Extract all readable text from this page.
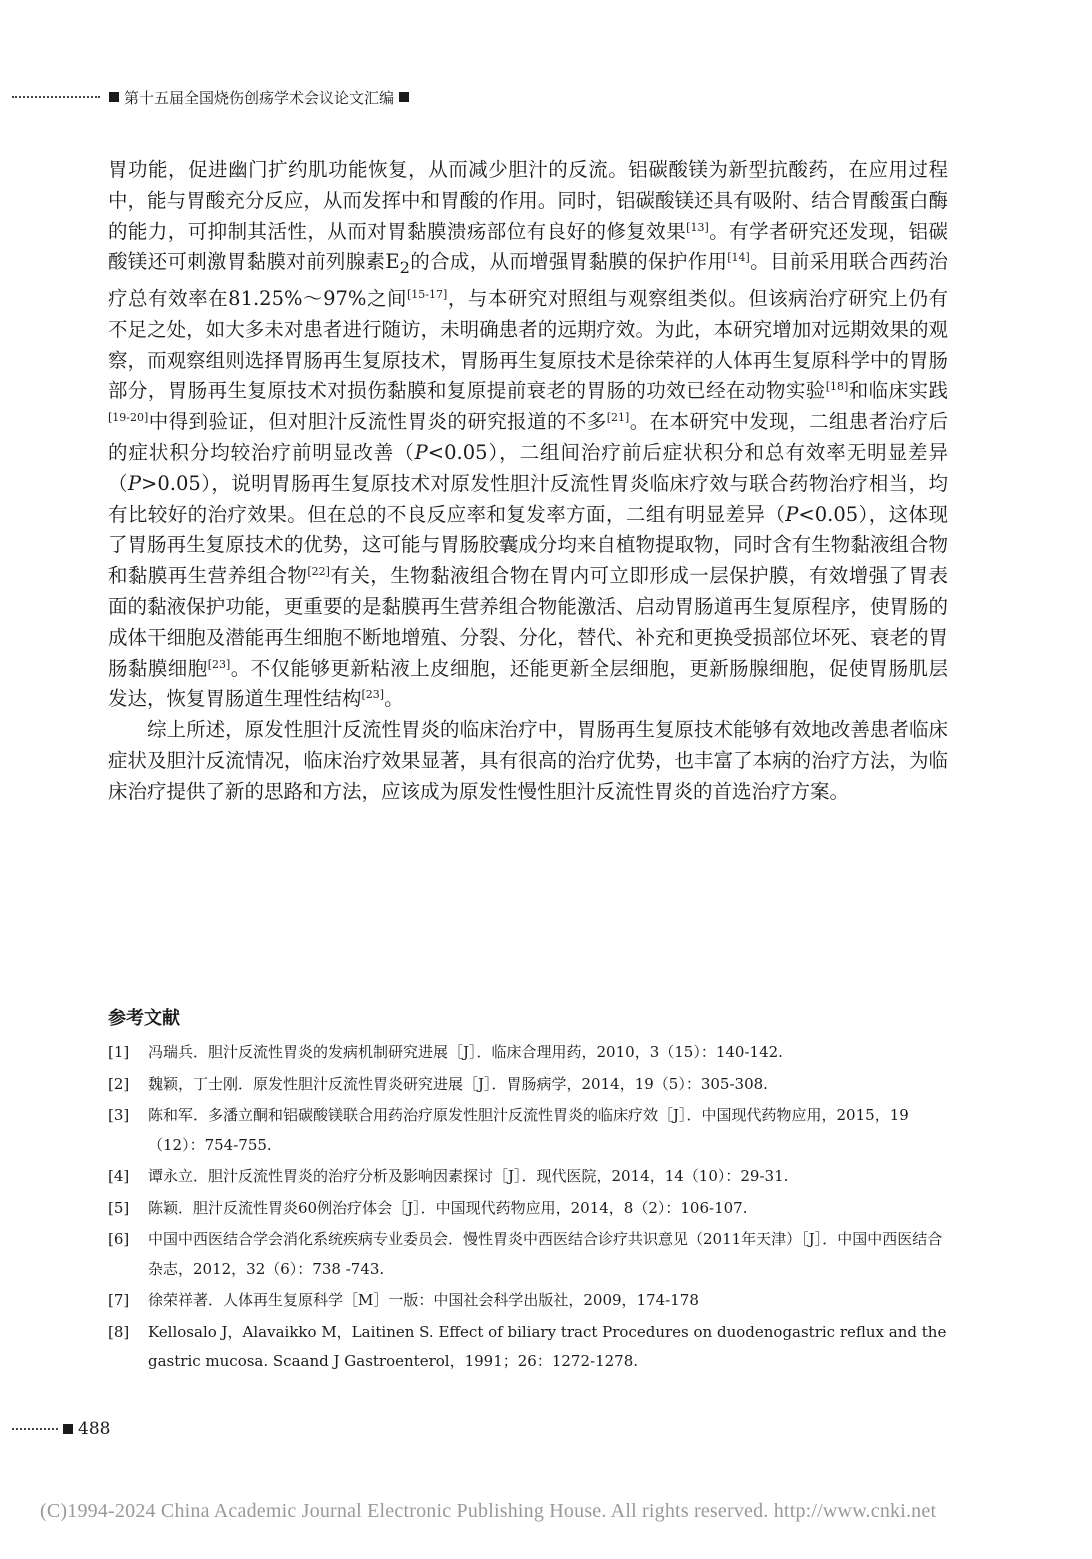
第十五届全国烧伤创疡学术会议论文汇编

胃功能，促进幽门扩约肌功能恢复，从而减少胆汁的反流。铝碳酸镁为新型抗酸药，在应用过程中，能与胃酸充分反应，从而发挥中和胃酸的作用。同时，铝碳酸镁还具有吸附、结合胃酸蛋白酶的能力，可抑制其活性，从而对胃黏膜溃疡部位有良好的修复效果[13]。有学者研究还发现，铝碳酸镁还可刺激胃黏膜对前列腺素$E_2$的合成，从而增强胃黏膜的保护作用[14]。目前采用联合西药治疗总有效率在81.25%～97%之间[15-17]，与本研究对照组与观察组类似。但该病治疗研究上仍有不足之处，如大多未对患者进行随访，未明确患者的远期疗效。为此，本研究增加对远期效果的观察，而观察组则选择胃肠再生复原技术，胃肠再生复原技术是徐荣祥的人体再生复原科学中的胃肠部分，胃肠再生复原技术对损伤黏膜和复原提前衰老的胃肠的功效已经在动物实验[18]和临床实践[19-20]中得到验证，但对胆汁反流性胃炎的研究报道的不多[21]。在本研究中发现，二组患者治疗后的症状积分均较治疗前明显改善（P<0.05），二组间治疗前后症状积分和总有效率无明显差异（P>0.05），说明胃肠再生复原技术对原发性胆汁反流性胃炎临床疗效与联合药物治疗相当，均有比较好的治疗效果。但在总的不良反应率和复发率方面，二组有明显差异（P<0.05），这体现了胃肠再生复原技术的优势，这可能与胃肠胶囊成分均来自植物提取物，同时含有生物黏液组合物和黏膜再生营养组合物[22]有关，生物黏液组合物在胃内可立即形成一层保护膜，有效增强了胃表面的黏液保护功能，更重要的是黏膜再生营养组合物能激活、启动胃肠道再生复原程序，使胃肠的成体干细胞及潜能再生细胞不断地增殖、分裂、分化，替代、补充和更换受损部位坏死、衰老的胃肠黏膜细胞[23]。不仅能够更新粘液上皮细胞，还能更新全层细胞，更新肠腺细胞，促使胃肠肌层发达，恢复胃肠道生理性结构[23]。

综上所述，原发性胆汁反流性胃炎的临床治疗中，胃肠再生复原技术能够有效地改善患者临床症状及胆汁反流情况，临床治疗效果显著，具有很高的治疗优势，也丰富了本病的治疗方法，为临床治疗提供了新的思路和方法，应该成为原发性慢性胆汁反流性胃炎的首选治疗方案。

参考文献
[1] 冯瑞兵．胆汁反流性胃炎的发病机制研究进展［J］．临床合理用药，2010，3（15）：140-142.
[2] 魏颖，丁士刚．原发性胆汁反流性胃炎研究进展［J］．胃肠病学，2014，19（5）：305-308.
[3] 陈和军．多潘立酮和铝碳酸镁联合用药治疗原发性胆汁反流性胃炎的临床疗效［J］．中国现代药物应用，2015，19（12）：754-755.
[4] 谭永立．胆汁反流性胃炎的治疗分析及影响因素探讨［J］．现代医院，2014，14（10）：29-31.
[5] 陈颖．胆汁反流性胃炎60例治疗体会［J］．中国现代药物应用，2014，8（2）：106-107.
[6] 中国中西医结合学会消化系统疾病专业委员会．慢性胃炎中西医结合诊疗共识意见（2011年天津）［J］．中国中西医结合杂志，2012，32（6）：738 -743.
[7] 徐荣祥著．人体再生复原科学［M］一版：中国社会科学出版社，2009，174-178
[8] Kellosalo J，Alavaikko M，Laitinen S. Effect of biliary tract Procedures on duodenogastric reflux and the gastric mucosa. Scaand J Gastroenterol，1991；26：1272-1278.
488
(C)1994-2024 China Academic Journal Electronic Publishing House. All rights reserved. http://www.cnki.net
